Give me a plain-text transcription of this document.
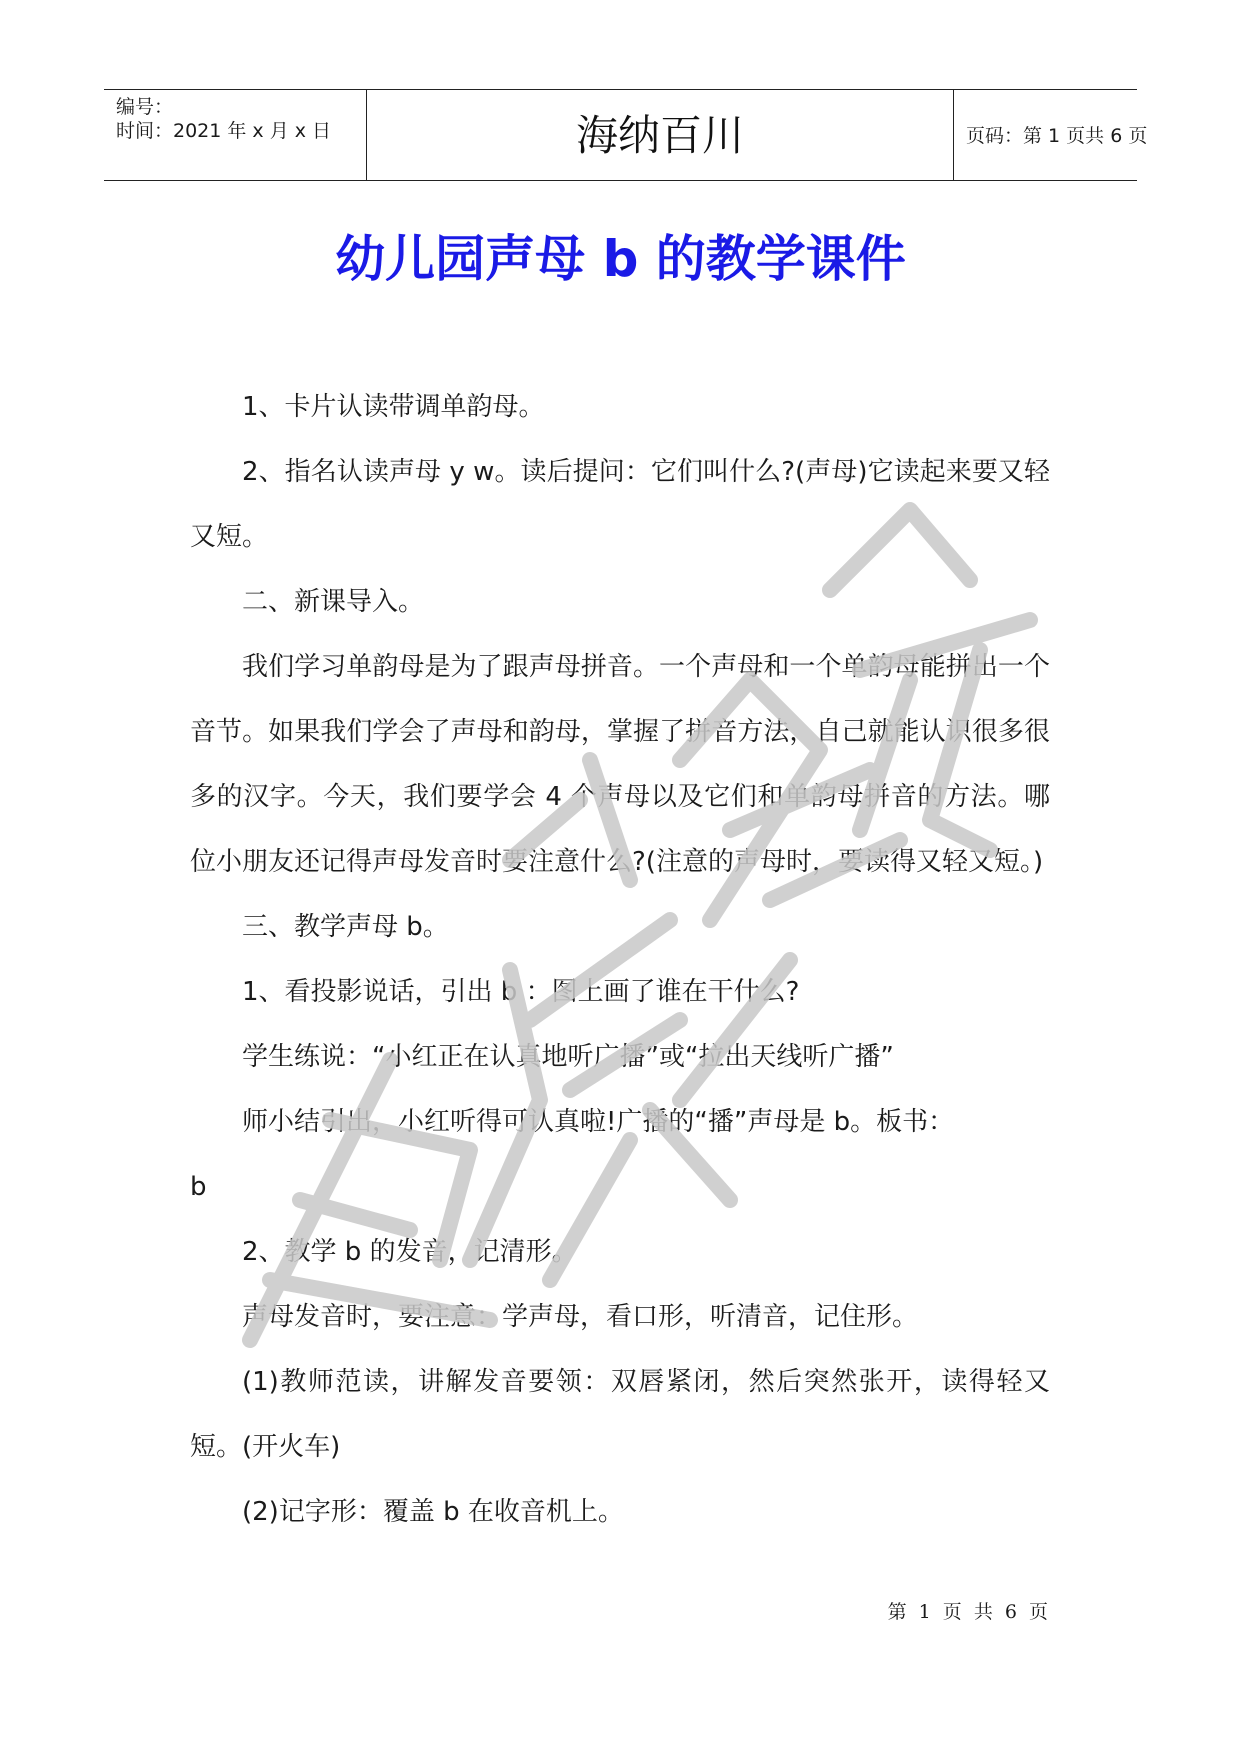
编号：
时间：2021 年 x 月 x 日	海纳百川	页码：第 1 页共 6 页
幼儿园声母 b 的教学课件

1、卡片认读带调单韵母。

2、指名认读声母 y w。读后提问：它们叫什么?(声母)它读起来要又轻又短。

二、新课导入。

我们学习单韵母是为了跟声母拼音。一个声母和一个单韵母能拼出一个音节。如果我们学会了声母和韵母，掌握了拼音方法，自己就能认识很多很多的汉字。今天，我们要学会 4 个声母以及它们和单韵母拼音的方法。哪位小朋友还记得声母发音时要注意什么?(注意的声母时，要读得又轻又短。)

三、教学声母 b。

1、看投影说话，引出 b ：图上画了谁在干什么?

学生练说：“小红正在认真地听广播”或“拉出天线听广播”

师小结引出，小红听得可认真啦!广播的“播”声母是 b。板书：

b

2、教学 b 的发音，记清形。

声母发音时，要注意：学声母，看口形，听清音，记住形。

(1)教师范读，讲解发音要领：双唇紧闭，然后突然张开，读得轻又短。(开火车)

(2)记字形：覆盖 b 在收音机上。

第 1 页 共 6 页
